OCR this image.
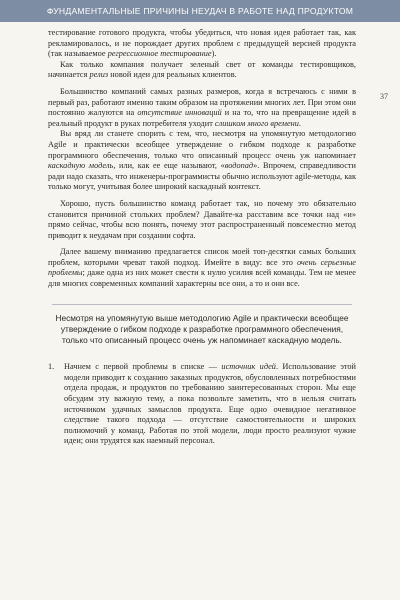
ФУНДАМЕНТАЛЬНЫЕ ПРИЧИНЫ НЕУДАЧ В РАБОТЕ НАД ПРОДУКТОМ
37

тестирование готового продукта, чтобы убедиться, что новая идея работает так, как рекламировалось, и не порождает других проблем с предыдущей версией продукта (так называемое регрессионное тестирование).

Как только компания получает зеленый свет от команды тестировщиков, начинается релиз новой идеи для реальных клиентов.

Большинство компаний самых разных размеров, когда я встречаюсь с ними в первый раз, работают именно таким образом на протяжении многих лет. При этом они постоянно жалуются на отсутствие инноваций и на то, что на превращение идей в реальный продукт в руках потребителя уходит слишком много времени.

Вы вряд ли станете спорить с тем, что, несмотря на упомянутую методологию Agile и практически всеобщее утверждение о гибком подходе к разработке программного обеспечения, только что описанный процесс очень уж напоминает каскадную модель, или, как ее еще называют, «водопад». Впрочем, справедливости ради надо сказать, что инженеры-программисты обычно используют agile-методы, как только могут, учитывая более широкий каскадный контекст.

Хорошо, пусть большинство команд работает так, но почему это обязательно становится причиной стольких проблем? Давайте-ка расставим все точки над «и» прямо сейчас, чтобы всю понять, почему этот распространенный повсеместно метод приводит к неудачам при создании софта.

Далее вашему вниманию предлагается список моей топ-десятки самых больших проблем, которыми чреват такой подход. Имейте в виду: все это очень серьезные проблемы; даже одна из них может свести к нулю усилия всей команды. Тем не менее для многих современных компаний характерны все они, а то и они все.

Несмотря на упомянутую выше методологию Agile и практически всеобщее утверждение о гибком подходе к разработке программного обеспечения, только что описанный процесс очень уж напоминает каскадную модель.
1.	Начнем с первой проблемы в списке — источник идей. Использование этой модели приводит к созданию заказных продуктов, обусловленных потребностями отдела продаж, и продуктов по требованию заинтересованных сторон. Мы еще обсудим эту важную тему, а пока позвольте заметить, что в нельзя считать источником удачных замыслов продукта. Еще одно очевидное негативное следствие такого подхода — отсутствие самостоятельности и широких полномочий у команд. Работая по этой модели, люди просто реализуют чужие идеи; они трудятся как наемный персонал.
